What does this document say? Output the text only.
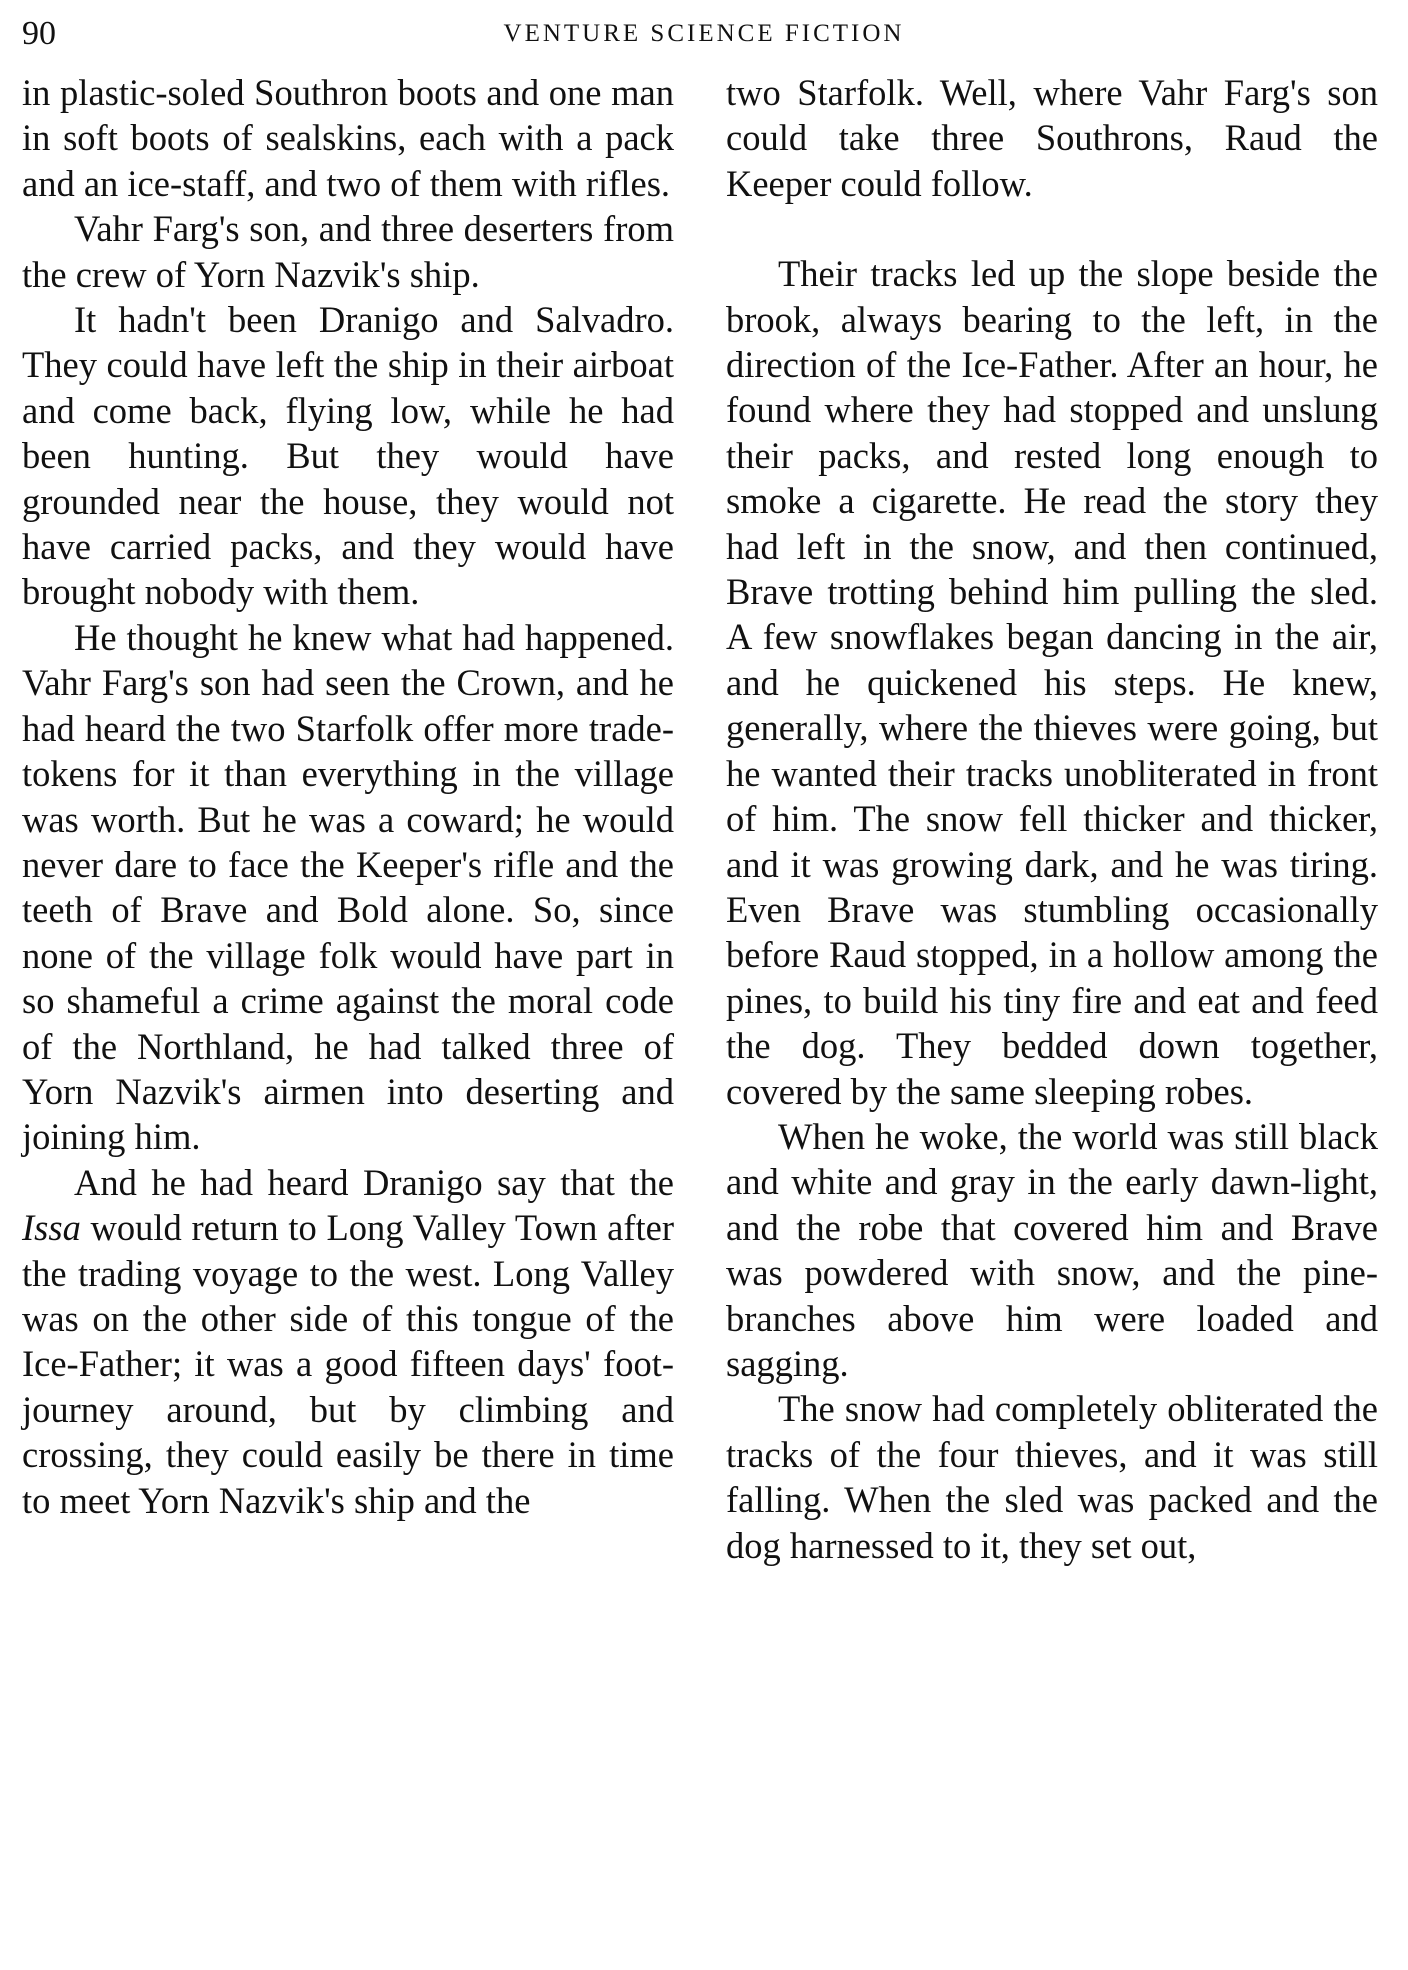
90	VENTURE SCIENCE FICTION

in plastic-soled Southron boots and one man in soft boots of sealskins, each with a pack and an ice-staff, and two of them with rifles.

Vahr Farg's son, and three deserters from the crew of Yorn Nazvik's ship.

It hadn't been Dranigo and Salvadro. They could have left the ship in their airboat and come back, flying low, while he had been hunting. But they would have grounded near the house, they would not have carried packs, and they would have brought nobody with them.

He thought he knew what had happened. Vahr Farg's son had seen the Crown, and he had heard the two Starfolk offer more trade-tokens for it than everything in the village was worth. But he was a coward; he would never dare to face the Keeper's rifle and the teeth of Brave and Bold alone. So, since none of the village folk would have part in so shameful a crime against the moral code of the Northland, he had talked three of Yorn Nazvik's airmen into deserting and joining him.

And he had heard Dranigo say that the Issa would return to Long Valley Town after the trading voyage to the west. Long Valley was on the other side of this tongue of the Ice-Father; it was a good fifteen days' foot-journey around, but by climbing and crossing, they could easily be there in time to meet Yorn Nazvik's ship and the

two Starfolk. Well, where Vahr Farg's son could take three Southrons, Raud the Keeper could follow.

Their tracks led up the slope beside the brook, always bearing to the left, in the direction of the Ice-Father. After an hour, he found where they had stopped and unslung their packs, and rested long enough to smoke a cigarette. He read the story they had left in the snow, and then continued, Brave trotting behind him pulling the sled. A few snowflakes began dancing in the air, and he quickened his steps. He knew, generally, where the thieves were going, but he wanted their tracks unobliterated in front of him. The snow fell thicker and thicker, and it was growing dark, and he was tiring. Even Brave was stumbling occasionally before Raud stopped, in a hollow among the pines, to build his tiny fire and eat and feed the dog. They bedded down together, covered by the same sleeping robes.

When he woke, the world was still black and white and gray in the early dawn-light, and the robe that covered him and Brave was powdered with snow, and the pine-branches above him were loaded and sagging.

The snow had completely obliterated the tracks of the four thieves, and it was still falling. When the sled was packed and the dog harnessed to it, they set out,
